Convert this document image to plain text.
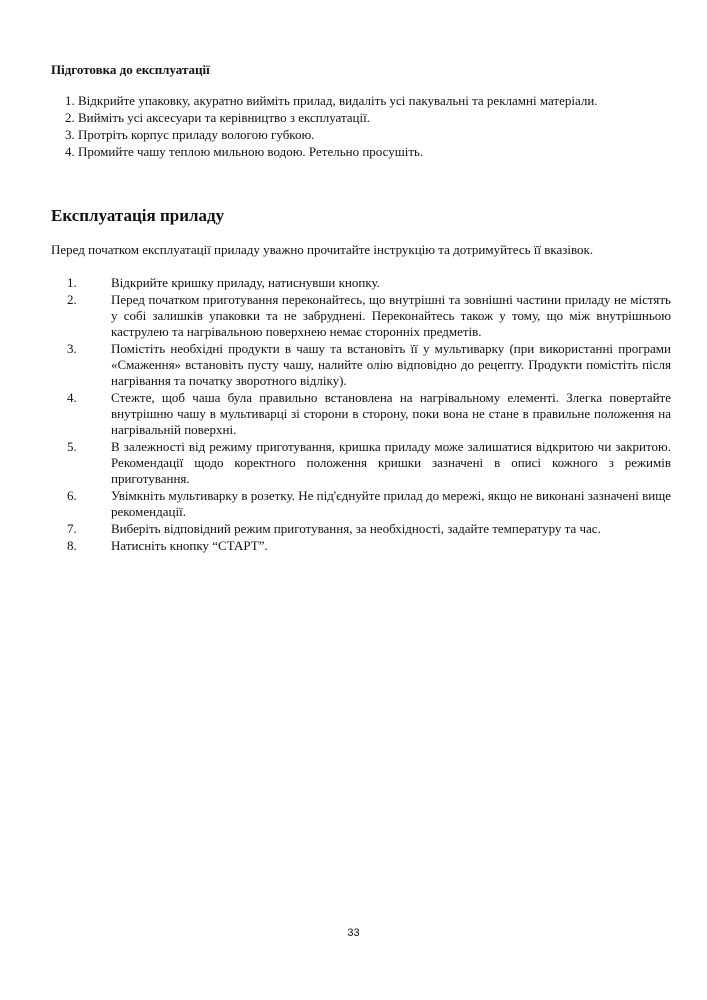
Підготовка до експлуатації
1. Відкрийте упаковку, акуратно вийміть прилад, видаліть усі пакувальні та рекламні матеріали.
2. Вийміть усі аксесуари та керівництво з експлуатації.
3. Протріть корпус приладу вологою губкою.
4. Промийте чашу теплою мильною водою. Ретельно просушіть.
Експлуатація приладу

Перед початком експлуатації приладу уважно прочитайте інструкцію та дотримуйтесь її вказівок.

1.	Відкрийте кришку приладу, натиснувши кнопку.
2.	Перед початком приготування переконайтесь, що внутрішні та зовнішні частини приладу не містять у собі залишків упаковки та не забруднені. Переконайтесь також у тому, що між внутрішньою каструлею та нагрівальною поверхнею немає сторонніх предметів.
3.	Помістіть необхідні продукти в чашу та встановіть її у мультиварку (при використанні програми «Смаження» встановіть пусту чашу, налийте олію відповідно до рецепту. Продукти помістіть після нагрівання та початку зворотного відліку).
4.	Стежте, щоб чаша була правильно встановлена на нагрівальному елементі. Злегка повертайте внутрішню чашу в мультиварці зі сторони в сторону, поки вона не стане в правильне положення на нагрівальній поверхні.
5.	В залежності від режиму приготування, кришка приладу може залишатися відкритою чи закритою. Рекомендації щодо коректного положення кришки зазначені в описі кожного з режимів приготування.
6.	Увімкніть мультиварку в розетку. Не під'єднуйте прилад до мережі, якщо не виконані зазначені вище рекомендації.
7.	Виберіть відповідний режим приготування, за необхідності, задайте температуру та час.
8.	Натисніть кнопку “СТАРТ”.

33
